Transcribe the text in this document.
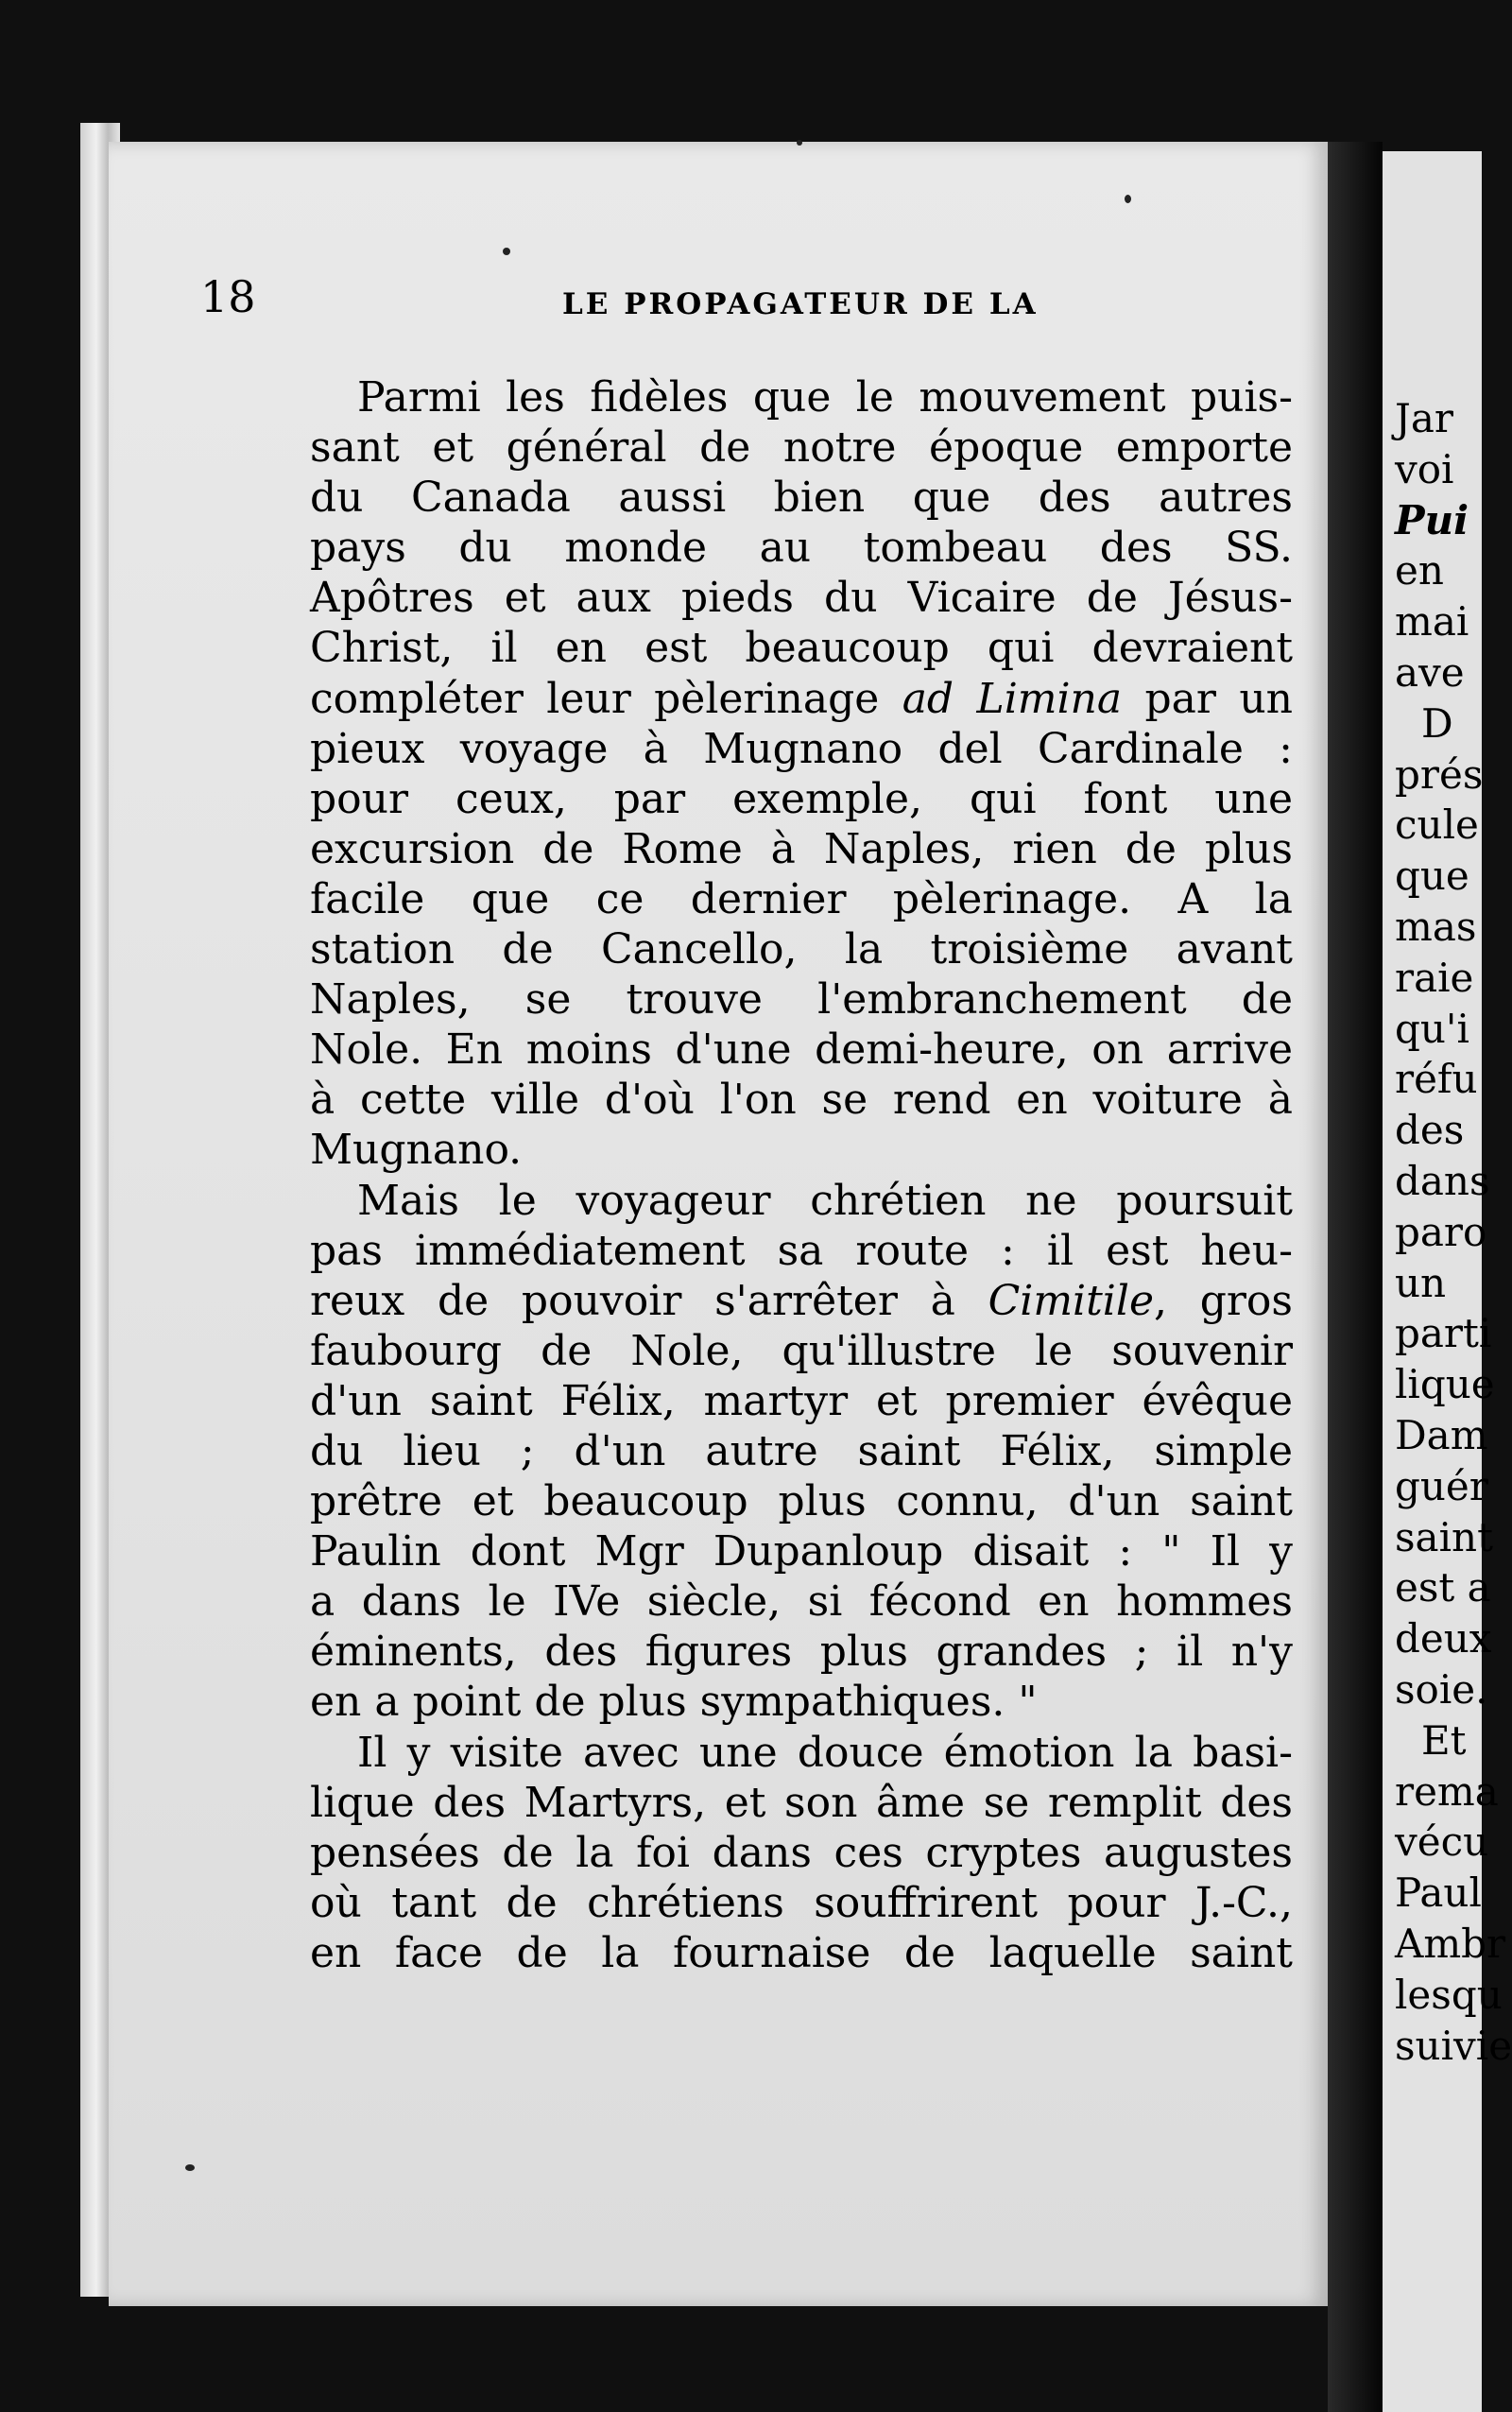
18	LE PROPAGATEUR DE LA
Parmi les fidèles que le mouvement puis-
sant et général de notre époque emporte
du Canada aussi bien que des autres
pays du monde au tombeau des SS.
Apôtres et aux pieds du Vicaire de Jésus-
Christ, il en est beaucoup qui devraient
compléter leur pèlerinage ad Limina par un
pieux voyage à Mugnano del Cardinale :
pour ceux, par exemple, qui font une
excursion de Rome à Naples, rien de plus
facile que ce dernier pèlerinage. A la
station de Cancello, la troisième avant
Naples, se trouve l'embranchement de
Nole. En moins d'une demi-heure, on arrive
à cette ville d'où l'on se rend en voiture à
Mugnano.
Mais le voyageur chrétien ne poursuit
pas immédiatement sa route : il est heu-
reux de pouvoir s'arrêter à Cimitile, gros
faubourg de Nole, qu'illustre le souvenir
d'un saint Félix, martyr et premier évêque
du lieu ; d'un autre saint Félix, simple
prêtre et beaucoup plus connu, d'un saint
Paulin dont Mgr Dupanloup disait : " Il y
a dans le IVe siècle, si fécond en hommes
éminents, des figures plus grandes ; il n'y
en a point de plus sympathiques. "
Il y visite avec une douce émotion la basi-
lique des Martyrs, et son âme se remplit des
pensées de la foi dans ces cryptes augustes
où tant de chrétiens souffrirent pour J.-C.,
en face de la fournaise de laquelle saint
Jar
voi
Pui
en
mai
ave
D
prés
cule
que
mas
raie
qu'i
réfu
des
dans
paro
un
parti
lique
Dam
guér
saint
est a
deux
soie.
Et
rema
vécu
Paul
Ambr
lesqu
suivie
